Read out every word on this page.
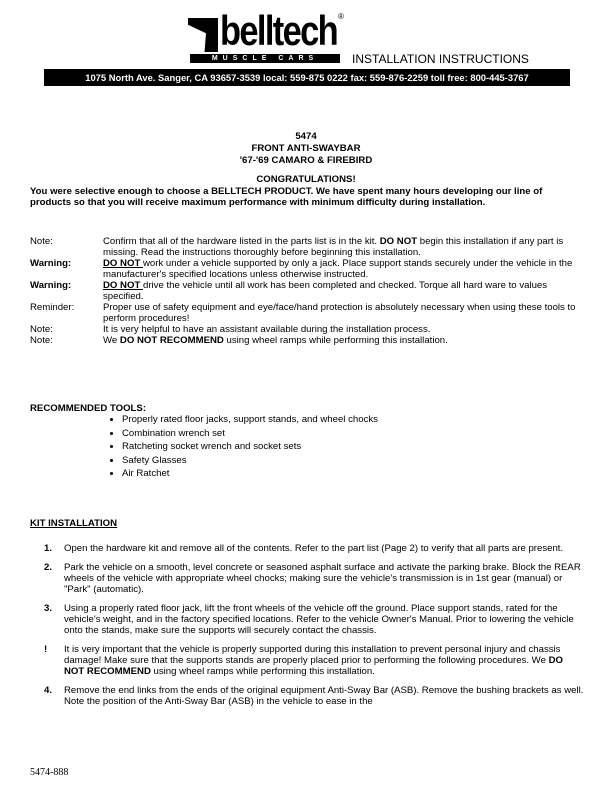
belltech ®
MUSCLE CARS	INSTALLATION INSTRUCTIONS
1075 North Ave. Sanger, CA 93657-3539 local: 559-875 0222 fax: 559-876-2259 toll free: 800-445-3767
5474
FRONT ANTI-SWAYBAR
'67-'69 CAMARO & FIREBIRD
CONGRATULATIONS!
You were selective enough to choose a BELLTECH PRODUCT. We have spent many hours developing our line of products so that you will receive maximum performance with minimum difficulty during installation.
Note:	Confirm that all of the hardware listed in the parts list is in the kit. DO NOT begin this installation if any part is missing. Read the instructions thoroughly before beginning this installation.
Warning:	DO NOT work under a vehicle supported by only a jack. Place support stands securely under the vehicle in the manufacturer's specified locations unless otherwise instructed.
Warning:	DO NOT drive the vehicle until all work has been completed and checked. Torque all hard ware to values specified.
Reminder:	Proper use of safety equipment and eye/face/hand protection is absolutely necessary when using these tools to perform procedures!
Note:	It is very helpful to have an assistant available during the installation process.
Note:	We DO NOT RECOMMEND using wheel ramps while performing this installation.
RECOMMENDED TOOLS:
• Properly rated floor jacks, support stands, and wheel chocks
• Combination wrench set
• Ratcheting socket wrench and socket sets
• Safety Glasses
• Air Ratchet
KIT INSTALLATION
1.	Open the hardware kit and remove all of the contents. Refer to the part list (Page 2) to verify that all parts are present.
2.	Park the vehicle on a smooth, level concrete or seasoned asphalt surface and activate the parking brake. Block the REAR wheels of the vehicle with appropriate wheel chocks; making sure the vehicle's transmission is in 1st gear (manual) or "Park" (automatic).
3.	Using a properly rated floor jack, lift the front wheels of the vehicle off the ground. Place support stands, rated for the vehicle's weight, and in the factory specified locations. Refer to the vehicle Owner's Manual. Prior to lowering the vehicle onto the stands, make sure the supports will securely contact the chassis.
!	It is very important that the vehicle is properly supported during this installation to prevent personal injury and chassis damage! Make sure that the supports stands are properly placed prior to performing the following procedures. We DO NOT RECOMMEND using wheel ramps while performing this installation.
4.	Remove the end links from the ends of the original equipment Anti-Sway Bar (ASB). Remove the bushing brackets as well. Note the position of the Anti-Sway Bar (ASB) in the vehicle to ease in the
5474-888
